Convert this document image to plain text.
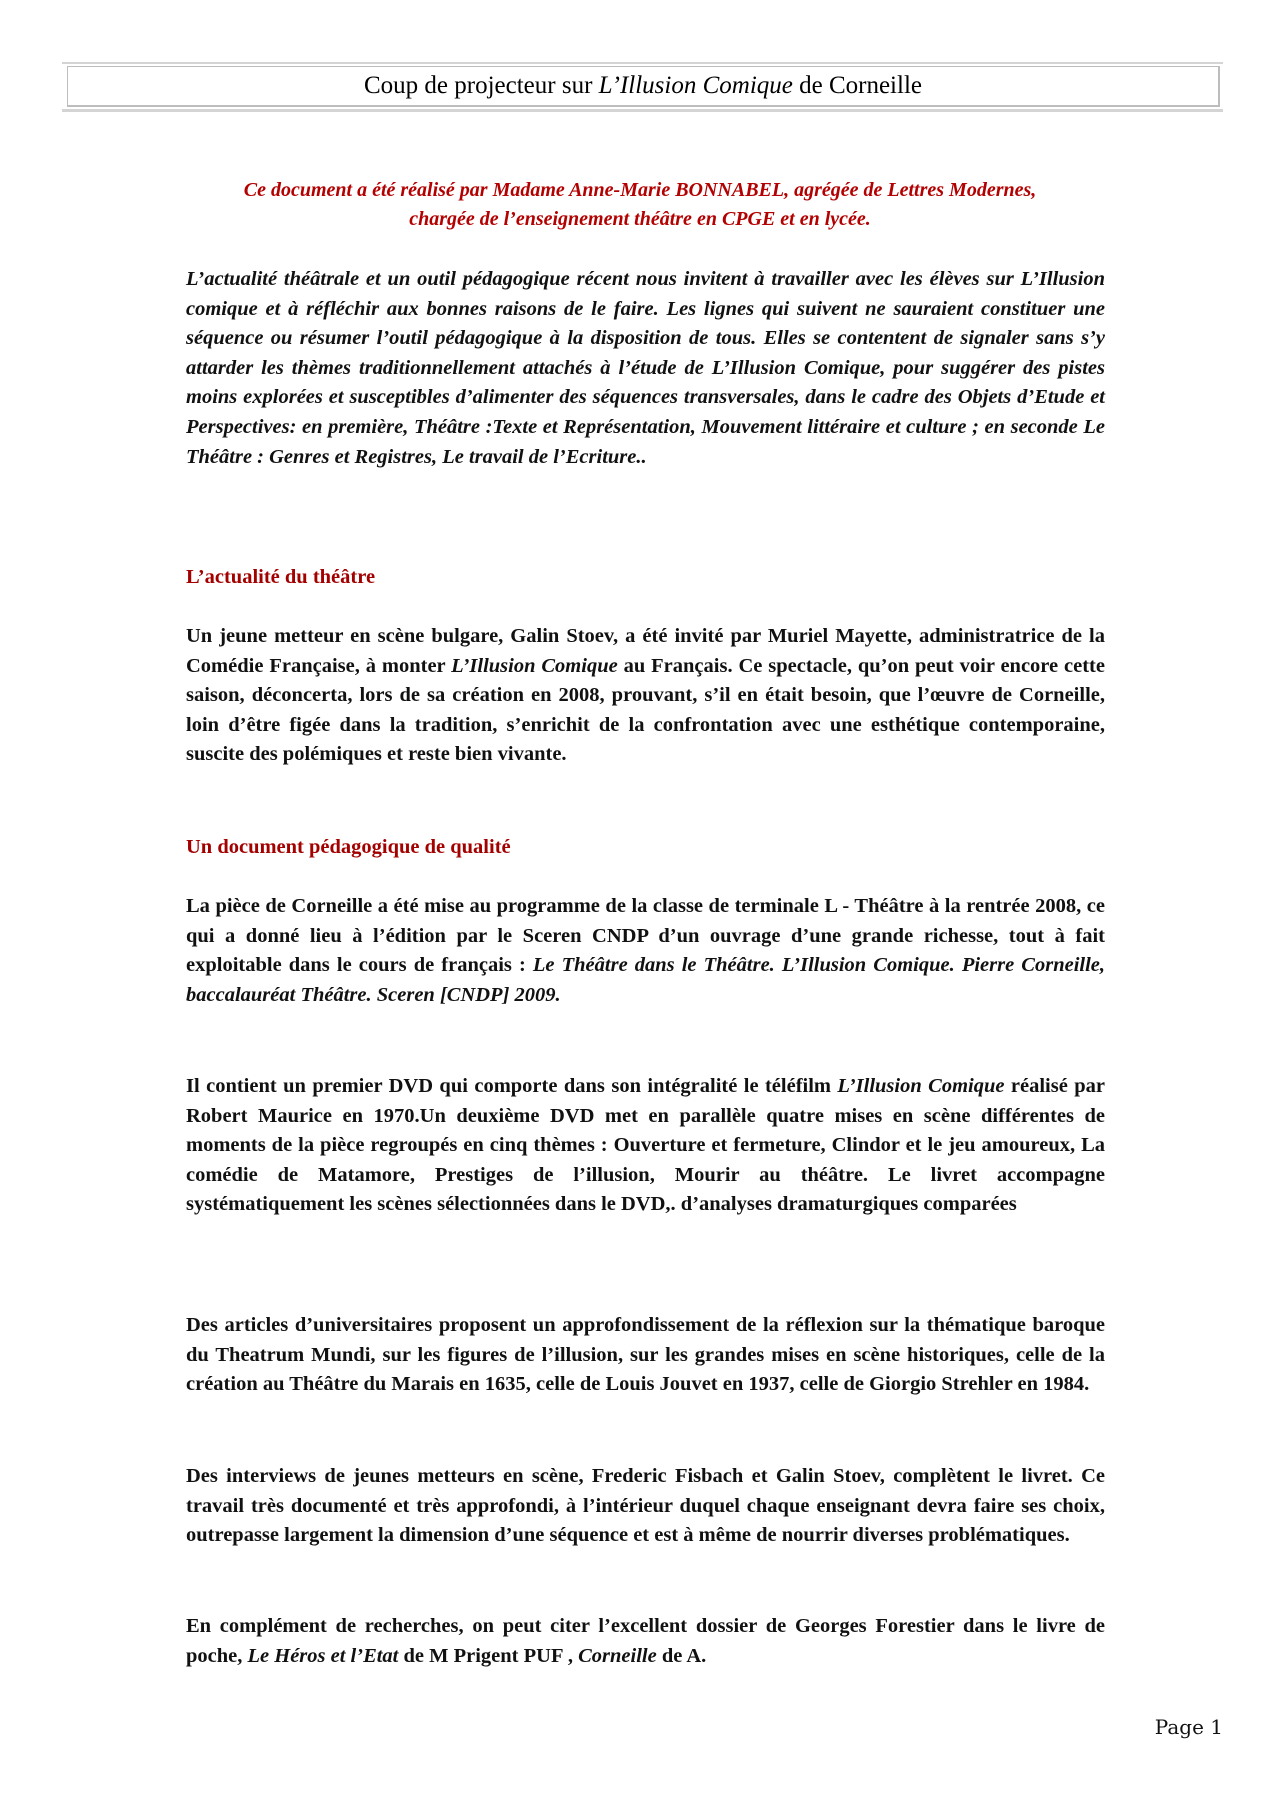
Coup de projecteur sur
L’Illusion Comique
de Corneille
Ce document a été réalisé par Madame Anne-Marie BONNABEL, agrégée de Lettres Modernes,
chargée de l’enseignement théâtre en CPGE et en lycée.
L’actualité théâtrale et un outil pédagogique récent nous invitent à travailler avec les élèves sur L’Illusion comique et à réfléchir aux bonnes raisons de le faire. Les lignes qui suivent ne sauraient constituer une séquence ou résumer l’outil pédagogique à la disposition de tous. Elles se contentent de signaler sans s’y attarder les thèmes traditionnellement attachés à l’étude de L’Illusion Comique, pour suggérer des pistes moins explorées et susceptibles d’alimenter des séquences transversales, dans le cadre des Objets d’Etude et Perspectives: en première, Théâtre :Texte et Représentation, Mouvement littéraire et culture ; en seconde Le Théâtre : Genres et Registres, Le travail de l’Ecriture..
L’actualité du théâtre
Un jeune metteur en scène bulgare, Galin Stoev, a été invité par Muriel Mayette, administratrice de la Comédie Française, à monter L’Illusion Comique au Français. Ce spectacle, qu’on peut voir encore cette saison, déconcerta, lors de sa création en 2008, prouvant, s’il en était besoin, que l’œuvre de Corneille, loin d’être figée dans la tradition, s’enrichit de la confrontation avec une esthétique contemporaine, suscite des polémiques et reste bien vivante.
Un document pédagogique de qualité
La pièce de Corneille a été mise au programme de la classe de terminale L - Théâtre à la rentrée 2008, ce qui a donné lieu à l’édition par le Sceren CNDP d’un ouvrage d’une grande richesse, tout à fait exploitable dans le cours de français : Le Théâtre dans le Théâtre. L’Illusion Comique. Pierre Corneille, baccalauréat Théâtre. Sceren [CNDP] 2009.
Il contient un premier DVD qui comporte dans son intégralité le téléfilm L’Illusion Comique réalisé par Robert Maurice en 1970.Un deuxième DVD met en parallèle quatre mises en scène différentes de moments de la pièce regroupés en cinq thèmes : Ouverture et fermeture, Clindor et le jeu amoureux, La comédie de Matamore, Prestiges de l’illusion, Mourir au théâtre. Le livret accompagne systématiquement les scènes sélectionnées dans le DVD,. d’analyses dramaturgiques comparées
Des articles d’universitaires proposent un approfondissement de la réflexion sur la thématique baroque du Theatrum Mundi, sur les figures de l’illusion, sur les grandes mises en scène historiques, celle de la création au Théâtre du Marais en 1635, celle de Louis Jouvet en 1937, celle de Giorgio Strehler en 1984.
Des interviews de jeunes metteurs en scène, Frederic Fisbach et Galin Stoev, complètent le livret. Ce travail très documenté et très approfondi, à l’intérieur duquel chaque enseignant devra faire ses choix, outrepasse largement la dimension d’une séquence et est à même de nourrir diverses problématiques.
En complément de recherches, on peut citer l’excellent dossier de Georges Forestier dans le livre de poche, Le Héros et l’Etat de M Prigent PUF , Corneille de A.
Page 1
